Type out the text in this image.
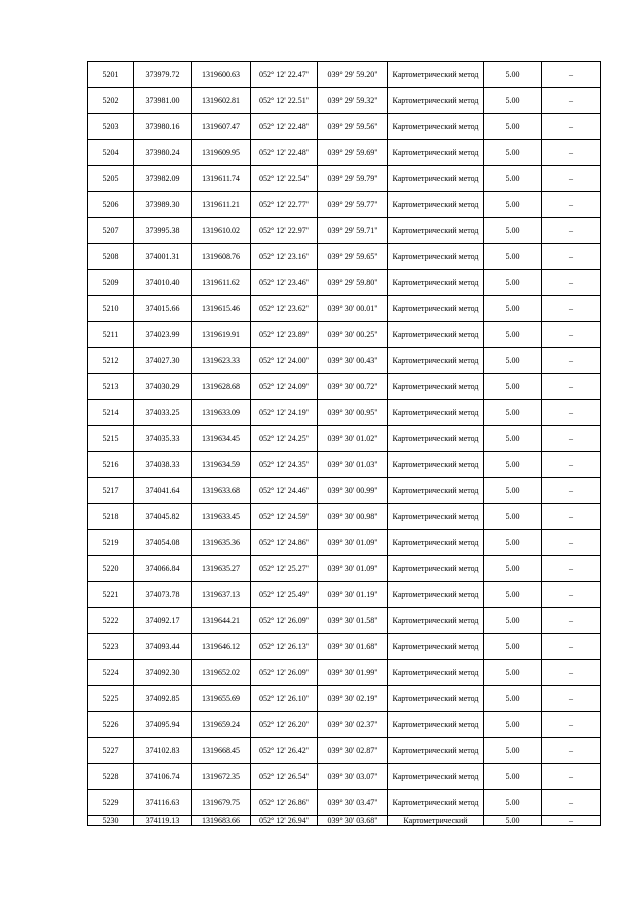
5201	373979.72	1319600.63	052° 12' 22.47"	039° 29' 59.20"	Картометрический метод	5.00	–
5202	373981.00	1319602.81	052° 12' 22.51"	039° 29' 59.32"	Картометрический метод	5.00	–
5203	373980.16	1319607.47	052° 12' 22.48"	039° 29' 59.56"	Картометрический метод	5.00	–
5204	373980.24	1319609.95	052° 12' 22.48"	039° 29' 59.69"	Картометрический метод	5.00	–
5205	373982.09	1319611.74	052° 12' 22.54"	039° 29' 59.79"	Картометрический метод	5.00	–
5206	373989.30	1319611.21	052° 12' 22.77"	039° 29' 59.77"	Картометрический метод	5.00	–
5207	373995.38	1319610.02	052° 12' 22.97"	039° 29' 59.71"	Картометрический метод	5.00	–
5208	374001.31	1319608.76	052° 12' 23.16"	039° 29' 59.65"	Картометрический метод	5.00	–
5209	374010.40	1319611.62	052° 12' 23.46"	039° 29' 59.80"	Картометрический метод	5.00	–
5210	374015.66	1319615.46	052° 12' 23.62"	039° 30' 00.01"	Картометрический метод	5.00	–
5211	374023.99	1319619.91	052° 12' 23.89"	039° 30' 00.25"	Картометрический метод	5.00	–
5212	374027.30	1319623.33	052° 12' 24.00"	039° 30' 00.43"	Картометрический метод	5.00	–
5213	374030.29	1319628.68	052° 12' 24.09"	039° 30' 00.72"	Картометрический метод	5.00	–
5214	374033.25	1319633.09	052° 12' 24.19"	039° 30' 00.95"	Картометрический метод	5.00	–
5215	374035.33	1319634.45	052° 12' 24.25"	039° 30' 01.02"	Картометрический метод	5.00	–
5216	374038.33	1319634.59	052° 12' 24.35"	039° 30' 01.03"	Картометрический метод	5.00	–
5217	374041.64	1319633.68	052° 12' 24.46"	039° 30' 00.99"	Картометрический метод	5.00	–
5218	374045.82	1319633.45	052° 12' 24.59"	039° 30' 00.98"	Картометрический метод	5.00	–
5219	374054.08	1319635.36	052° 12' 24.86"	039° 30' 01.09"	Картометрический метод	5.00	–
5220	374066.84	1319635.27	052° 12' 25.27"	039° 30' 01.09"	Картометрический метод	5.00	–
5221	374073.78	1319637.13	052° 12' 25.49"	039° 30' 01.19"	Картометрический метод	5.00	–
5222	374092.17	1319644.21	052° 12' 26.09"	039° 30' 01.58"	Картометрический метод	5.00	–
5223	374093.44	1319646.12	052° 12' 26.13"	039° 30' 01.68"	Картометрический метод	5.00	–
5224	374092.30	1319652.02	052° 12' 26.09"	039° 30' 01.99"	Картометрический метод	5.00	–
5225	374092.85	1319655.69	052° 12' 26.10"	039° 30' 02.19"	Картометрический метод	5.00	–
5226	374095.94	1319659.24	052° 12' 26.20"	039° 30' 02.37"	Картометрический метод	5.00	–
5227	374102.83	1319668.45	052° 12' 26.42"	039° 30' 02.87"	Картометрический метод	5.00	–
5228	374106.74	1319672.35	052° 12' 26.54"	039° 30' 03.07"	Картометрический метод	5.00	–
5229	374116.63	1319679.75	052° 12' 26.86"	039° 30' 03.47"	Картометрический метод	5.00	–
5230	374119.13	1319683.66	052° 12' 26.94"	039° 30' 03.68"	Картометрический	5.00	–
